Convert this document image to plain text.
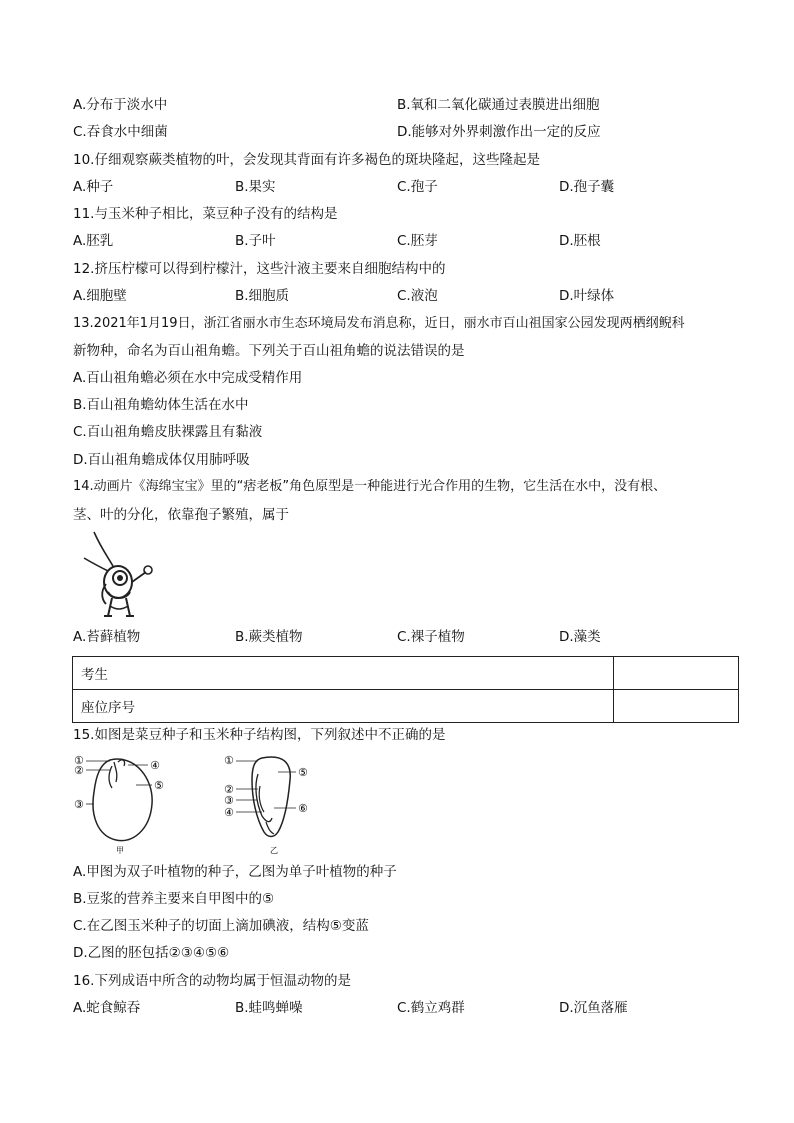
A.分布于淡水中	B.氧和二氧化碳通过表膜进出细胞
C.吞食水中细菌	D.能够对外界刺激作出一定的反应
10.仔细观察蕨类植物的叶，会发现其背面有许多褐色的斑块隆起，这些隆起是
A.种子	B.果实	C.孢子	D.孢子囊
11.与玉米种子相比，菜豆种子没有的结构是
A.胚乳	B.子叶	C.胚芽	D.胚根
12.挤压柠檬可以得到柠檬汁，这些汁液主要来自细胞结构中的
A.细胞壁	B.细胞质	C.液泡	D.叶绿体
13.2021年1月19日，浙江省丽水市生态环境局发布消息称，近日，丽水市百山祖国家公园发现两栖纲鲵科
新物种，命名为百山祖角蟾。下列关于百山祖角蟾的说法错误的是
A.百山祖角蟾必须在水中完成受精作用
B.百山祖角蟾幼体生活在水中
C.百山祖角蟾皮肤裸露且有黏液
D.百山祖角蟾成体仅用肺呼吸
14.动画片《海绵宝宝》里的“痞老板”角色原型是一种能进行光合作用的生物，它生活在水中，没有根、
茎、叶的分化，依靠孢子繁殖，属于
A.苔藓植物	B.蕨类植物	C.裸子植物	D.藻类
考生	
座位序号	
15.如图是菜豆种子和玉米种子结构图，下列叙述中不正确的是
①
②
③
④
⑤
甲
①
②
③
④
⑤
⑥
乙
A.甲图为双子叶植物的种子，乙图为单子叶植物的种子
B.豆浆的营养主要来自甲图中的⑤
C.在乙图玉米种子的切面上滴加碘液，结构⑤变蓝
D.乙图的胚包括②③④⑤⑥
16.下列成语中所含的动物均属于恒温动物的是
A.蛇食鲸吞	B.蛙鸣蝉噪	C.鹤立鸡群	D.沉鱼落雁
